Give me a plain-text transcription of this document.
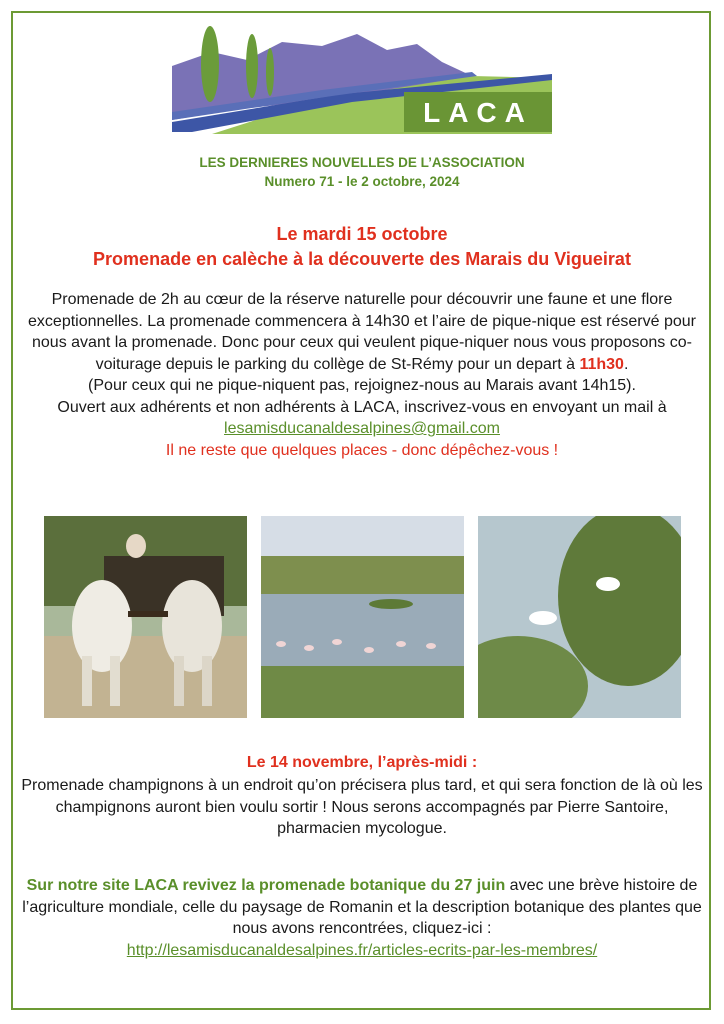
LACA
LES DERNIERES NOUVELLES DE L’ASSOCIATION
Numero 71 - le 2 octobre, 2024
Le mardi 15 octobre
Promenade en calèche à la découverte des Marais du Vigueirat
Promenade de 2h au cœur de la réserve naturelle pour découvrir une faune et une flore exceptionnelles. La promenade commencera à 14h30 et l’aire de pique-nique est réservé pour nous avant la promenade. Donc pour ceux qui veulent pique-niquer nous vous proposons co-voiturage depuis le parking du collège de St-Rémy pour un depart à 11h30.
(Pour ceux qui ne pique-niquent pas, rejoignez-nous au Marais avant 14h15).
Ouvert aux adhérents et non adhérents à LACA, inscrivez-vous en envoyant un mail à lesamisducanaldesalpines@gmail.com
Il ne reste que quelques places - donc dépêchez-vous !
Le 14 novembre, l’après-midi :
Promenade champignons à un endroit qu’on précisera plus tard, et qui sera fonction de là où les champignons auront bien voulu sortir ! Nous serons accompagnés par Pierre Santoire, pharmacien mycologue.
Sur notre site LACA revivez la promenade botanique du 27 juin avec une brève histoire de l’agriculture mondiale, celle du paysage de Romanin et la description botanique des plantes que nous avons rencontrées, cliquez-ici :
http://lesamisducanaldesalpines.fr/articles-ecrits-par-les-membres/
